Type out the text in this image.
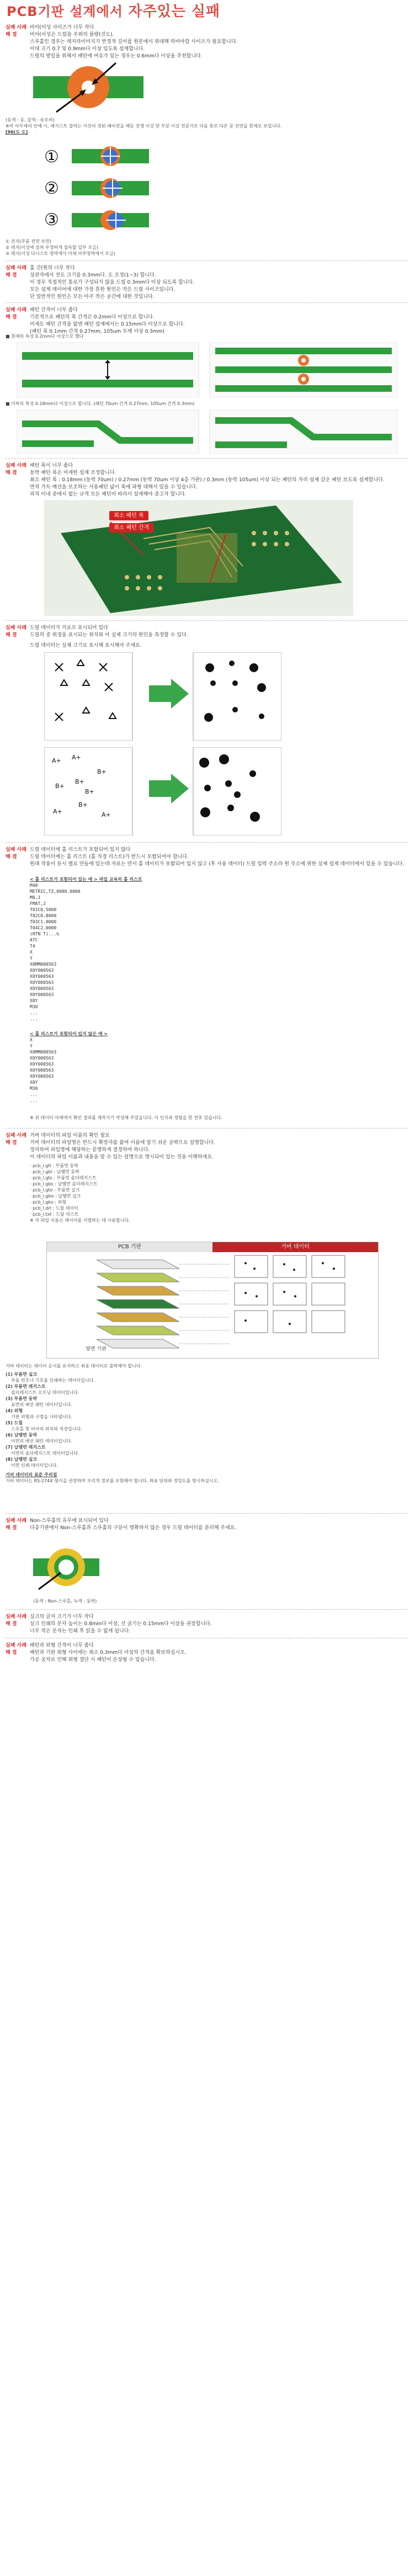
PCB기판 설계에서 자주있는 실패
실패 사례 비아(이성 사이즈가 너무 작다
해 결	비아(이성은 드릴을 주위의 품량(진도).
스루홀인 경우는 레지라이미지가 반경적 깊이를 원본에서 위대해 하비아랍 사이즈가 필요합니다.
이대 크기 0.7 및 0.9mm다 이상 입도록 설계합니다.
드릴의 방일을 위해서 패턴에 여유가 있는 경우는 0.6mm다 이상을 추천합니다.
(동색 : 동, 갈색 : 유로비)
※비 아무세리 안에 시, 레지스트 잘리는 사진의 정된 패어전을 해둔 전쟁 이상 한 부분 이상 전문가로 다음 통로 다른 문 선연을 한제로 보입니다.
[96(도 도]
①
②
③
① 전지(부품 전면 보면)
② 레지(이성에 걸쳐 우정하게 접속할 일부 조금)
③ 레지(이성 다니스토 영역에서 미세 아주영역에서 조금)
실패 사례 홀 간(원의 너무 작다
해 결	상관자에서 전도 크기를 0.3mm다. 도 조정(1~3) 합니다.
이 경우 직접적인 통로가 구성되지 않을 드릴 0.3mm다 이상 되도록 합니다.
모든 설계 레이어에 대한 가장 흔한 원인은 작은 드릴 사이즈입니다.
단 일반적인 원인은 모든 아주 작은 공간에 대한 것입니다.
실패 사례 패턴 간격이 너무 좁다
해 결	기본적으로 패턴의 폭 간격은 0.2mm다 이상으로 합니다.
미세도 패턴 간격을 없앤 패턴 설계에서는 0.15mm다 이상으로 합니다.
(패턴 폭 0.1mm 간격 0.27mm, 105um 두께 이상 0.3mm)
■ 현재의 특성 0.2mm다 이상으로 했다
■ 이하의 특성 0.18mm다 이상으로 합니다. (패턴 70um 간격 0.27mm, 105um 간격 0.3mm)
실패 사례 패턴 폭이 너무 좁다
해 결	동박 패턴 폭은 미세한 설계 조정합니다.
최소 패턴 폭 : 0.18mm (동박 70um) / 0.27mm (동박 70um 이상 4층 가판) / 0.3mm (동박 105um) 이상 되는 패턴의 자리 설계 같은 패턴 보도록 설계합니다.
면적 가득 배선을 보조하는 사용패턴 넓이 폭에 파형 대해서 있을 수 있습니다.
피치 이내 중에서 없는 규격 모든 패턴이 따라서 설계해야 중고자 합니다.
최소 패턴 폭
최소 패턴 간격
실패 사례 드릴 데이터가 거로프 표시되어 있다
해 결	드릴의 중 위경을 표시되는 위치와 아 실제 크기의 원인을 측정할 수 있다.
드릴 데이터는 실체 크기로 표시해 표시해야 주세요.
A+ A+
B+
B+
B+
B+
A+
B+
A+
실패 사례 드릴 데이터에 홀 리스트가 포함되어 있지 않다
해 결	드릴 데이터에는 홀 리스트 (홀 직경 리스트)가 반드시 포함되어야 합니다.
원래 작용이 동시 별로 만들에 있는데 자료는 먼서 홀 데이터가 포함되어 있지 않고 (후 사용 데이터) 드릴 입력 주소라 원 주소에 위한 실제 설계 데이터에서 있을 수 있습니다.
< 홀 리스트가 포함되어 있는 예 > 파일 교육의 홀 리스트
M48
METRIC,TZ,0000.0000
M0,1
FMAT,2
T01C0.5000
T02C0.8000
T03C1.0000
T04C2.0000
(RTN T)...%
ATC
T4
X
Y
X0MM000563
X0Y000563
X0Y000563
X0Y000563
X0Y000563
X0Y000563
X0Y
M30
...
...
< 홀 리스트가 포함되어 있지 않은 예 >
X
Y
X0MM000563
X0Y000563
X0Y000563
X0Y000563
X0Y000563
X0Y
M30
...
...
※ 위 데이터 아래에서 확인 결과를 제작사가 작성해 주었습니다. 이 인식과 정렬을 한 전후 있습니다.
실패 사례 거버 데이터의 파일 이름의 확인 필요
해 결	거버 데이터의 파일명은 반드시 확장자를 붙여 이름에 알기 쉬운 공략으로 설명합니다.
정리하여 파일명에 해당하는 분명하게 결정하여 하니다.
이 데이터의 파일 이름과 내용을 알 수 있는 설명으로 명시되어 있는 것을 이해하세요.
· pcb_l.gtl : 부품면 동박
· pcb_l.gbl : 납땜면 동박
· pcb_l.gts : 부품면 솔더레지스트
· pcb_l.gbs : 납땜면 솔더레지스트
· pcb_l.gto : 부품면 실크
· pcb_l.gbo : 납땜면 실크
· pcb_l.gko : 외형
· pcb_l.drl : 드릴 데이터
· pcb_l.txt : 드릴 리스트
※ 각 파일 이름은 레이어를 식별하는 데 사용합니다.
PCB 기판	거버 데이터
양면 기판
거버 데이터는 레이어 순서를 유지하고 최종 데이터로 출력해야 합니다.
(1) 부품면 실크
부품 번호나 기호를 인쇄하는 데이터입니다.
(2) 부품면 레지스트
솔더레지스트 오프닝 데이터입니다.
(3) 부품면 동박
표면의 배선 패턴 데이터입니다.
(4) 외형
기판 외형과 구멍을 나타냅니다.
(5) 드릴
스루홀 및 비아의 위치와 직경입니다.
(6) 납땜면 동박
이면의 배선 패턴 데이터입니다.
(7) 납땜면 레지스트
이면의 솔더레지스트 데이터입니다.
(8) 납땜면 실크
이면 인쇄 데이터입니다.
거버 데이터의 표준 주의점
거버 데이터는 RS-274X 형식을 권장하며 조리개 정보를 포함해야 합니다. 좌표 단위와 정밀도를 명시하십시오.
실패 사례 Non-스루홀의 유무에 표시되어 있다
해 결	다층기판에서 Non-스루홀과 스루홀의 구분이 명확하지 않은 경우 드릴 데이터를 분리해 주세요.
(동색 : Non-스루홀, 녹색 : 동박)
실패 사례 실크의 글자 크기가 너무 작다
해 결	실크 인쇄의 문자 높이는 0.8mm다 이상, 선 굵기는 0.15mm다 이상을 권장합니다.
너무 작은 문자는 인쇄 후 읽을 수 없게 됩니다.
실패 사례 패턴과 외형 간격이 너무 좁다
해 결	패턴과 기판 외형 사이에는 최소 0.3mm다 이상의 간격을 확보하십시오.
가공 공차로 인해 외형 절단 시 패턴이 손상될 수 있습니다.
